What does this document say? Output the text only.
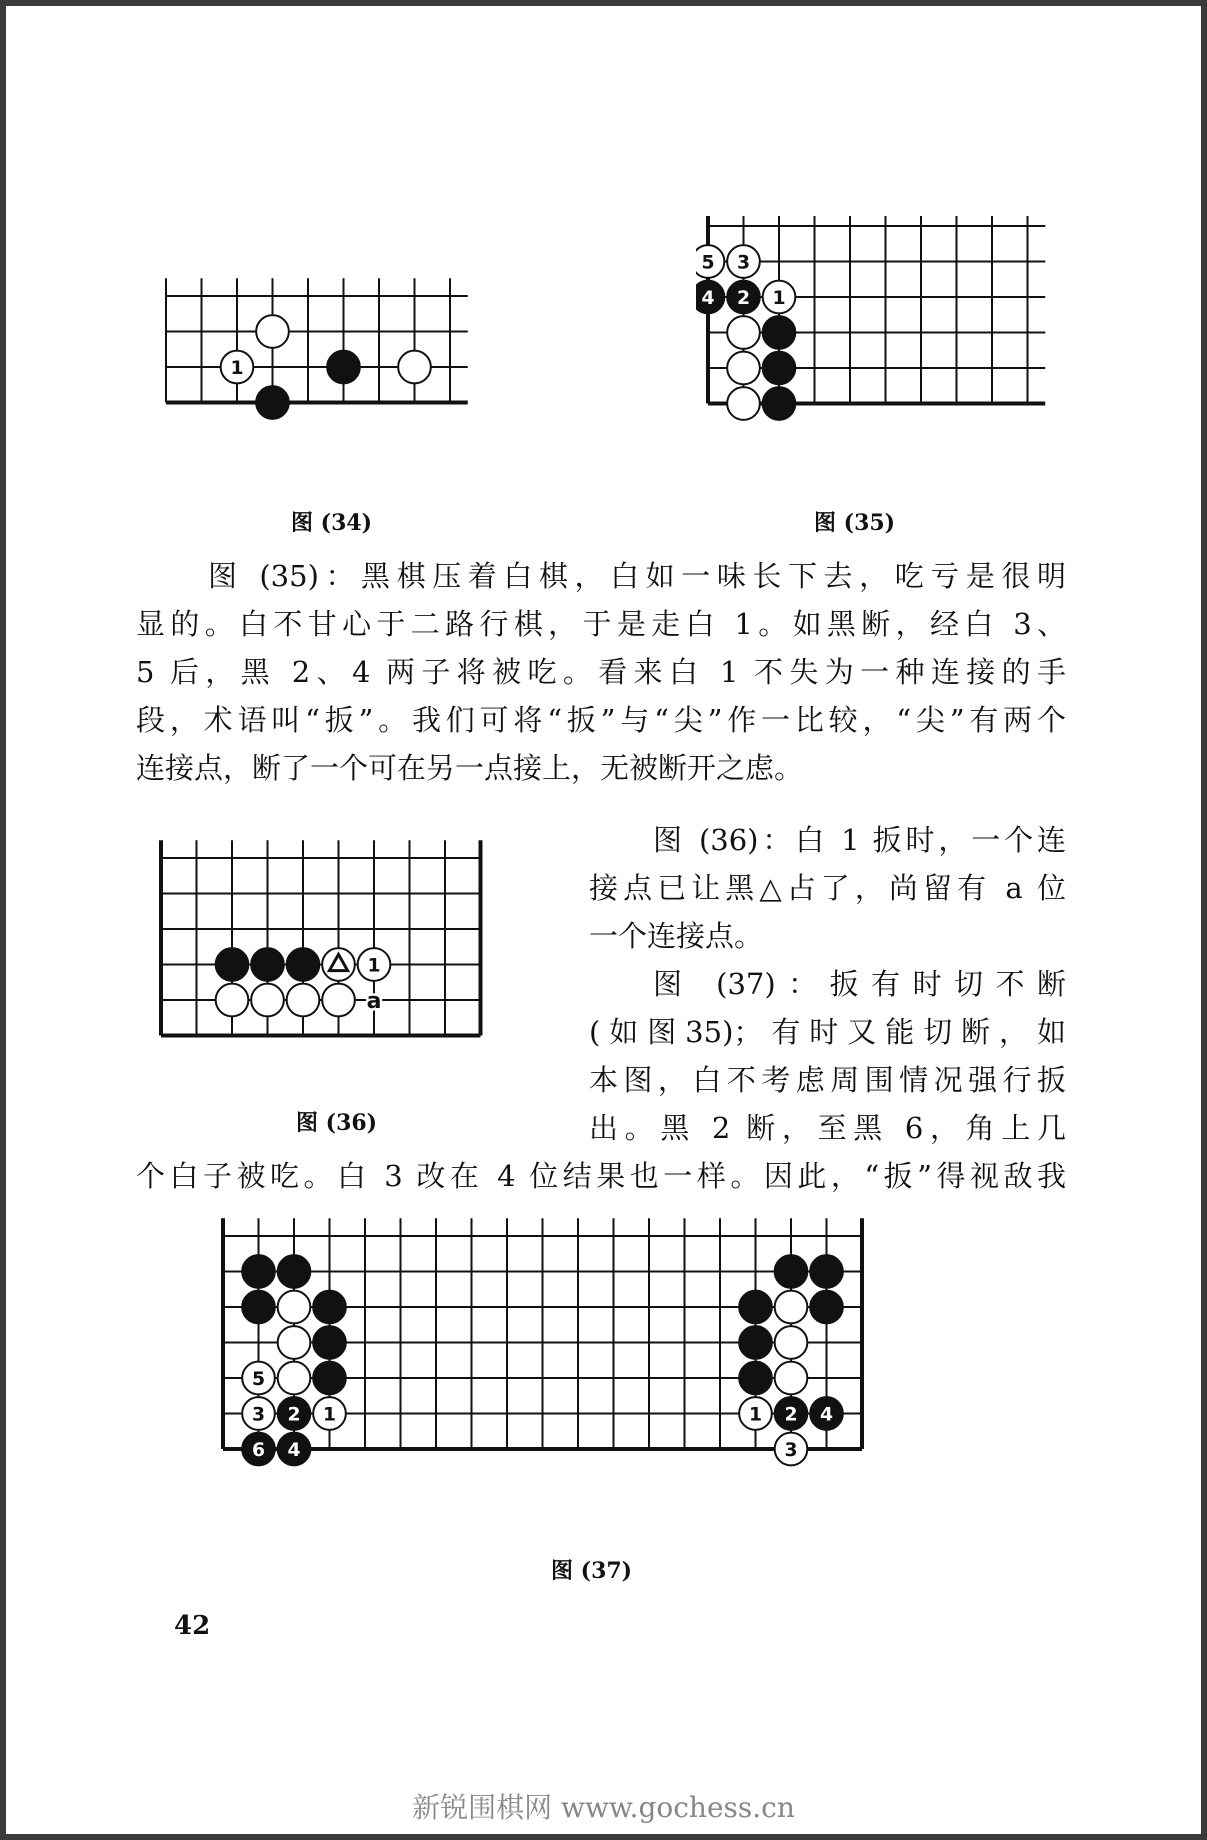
1
图 (34)
5 3
4 2 1
图 (35)
图 (35)：黑棋压着白棋，白如一味长下去，吃亏是很明
显的。白不甘心于二路行棋，于是走白 1。如黑断，经白 3、
5 后，黑 2、4 两子将被吃。看来白 1 不失为一种连接的手
段，术语叫“扳”。我们可将“扳”与“尖”作一比较，“尖”有两个
连接点，断了一个可在另一点接上，无被断开之虑。
1
a
图 (36)
图 (36)：白 1 扳时，一个连
接点已让黑△占了，尚留有 a 位
一个连接点。
图 (37)：扳有时切不断
(如图35)；有时又能切断，如
本图，白不考虑周围情况强行扳
出。黑 2 断，至黑 6，角上几
个白子被吃。白 3 改在 4 位结果也一样。因此，“扳”得视敌我
5
3 2 1
6 4
1 2 4
3
图 (37)
42
新锐围棋网 www.gochess.cn
